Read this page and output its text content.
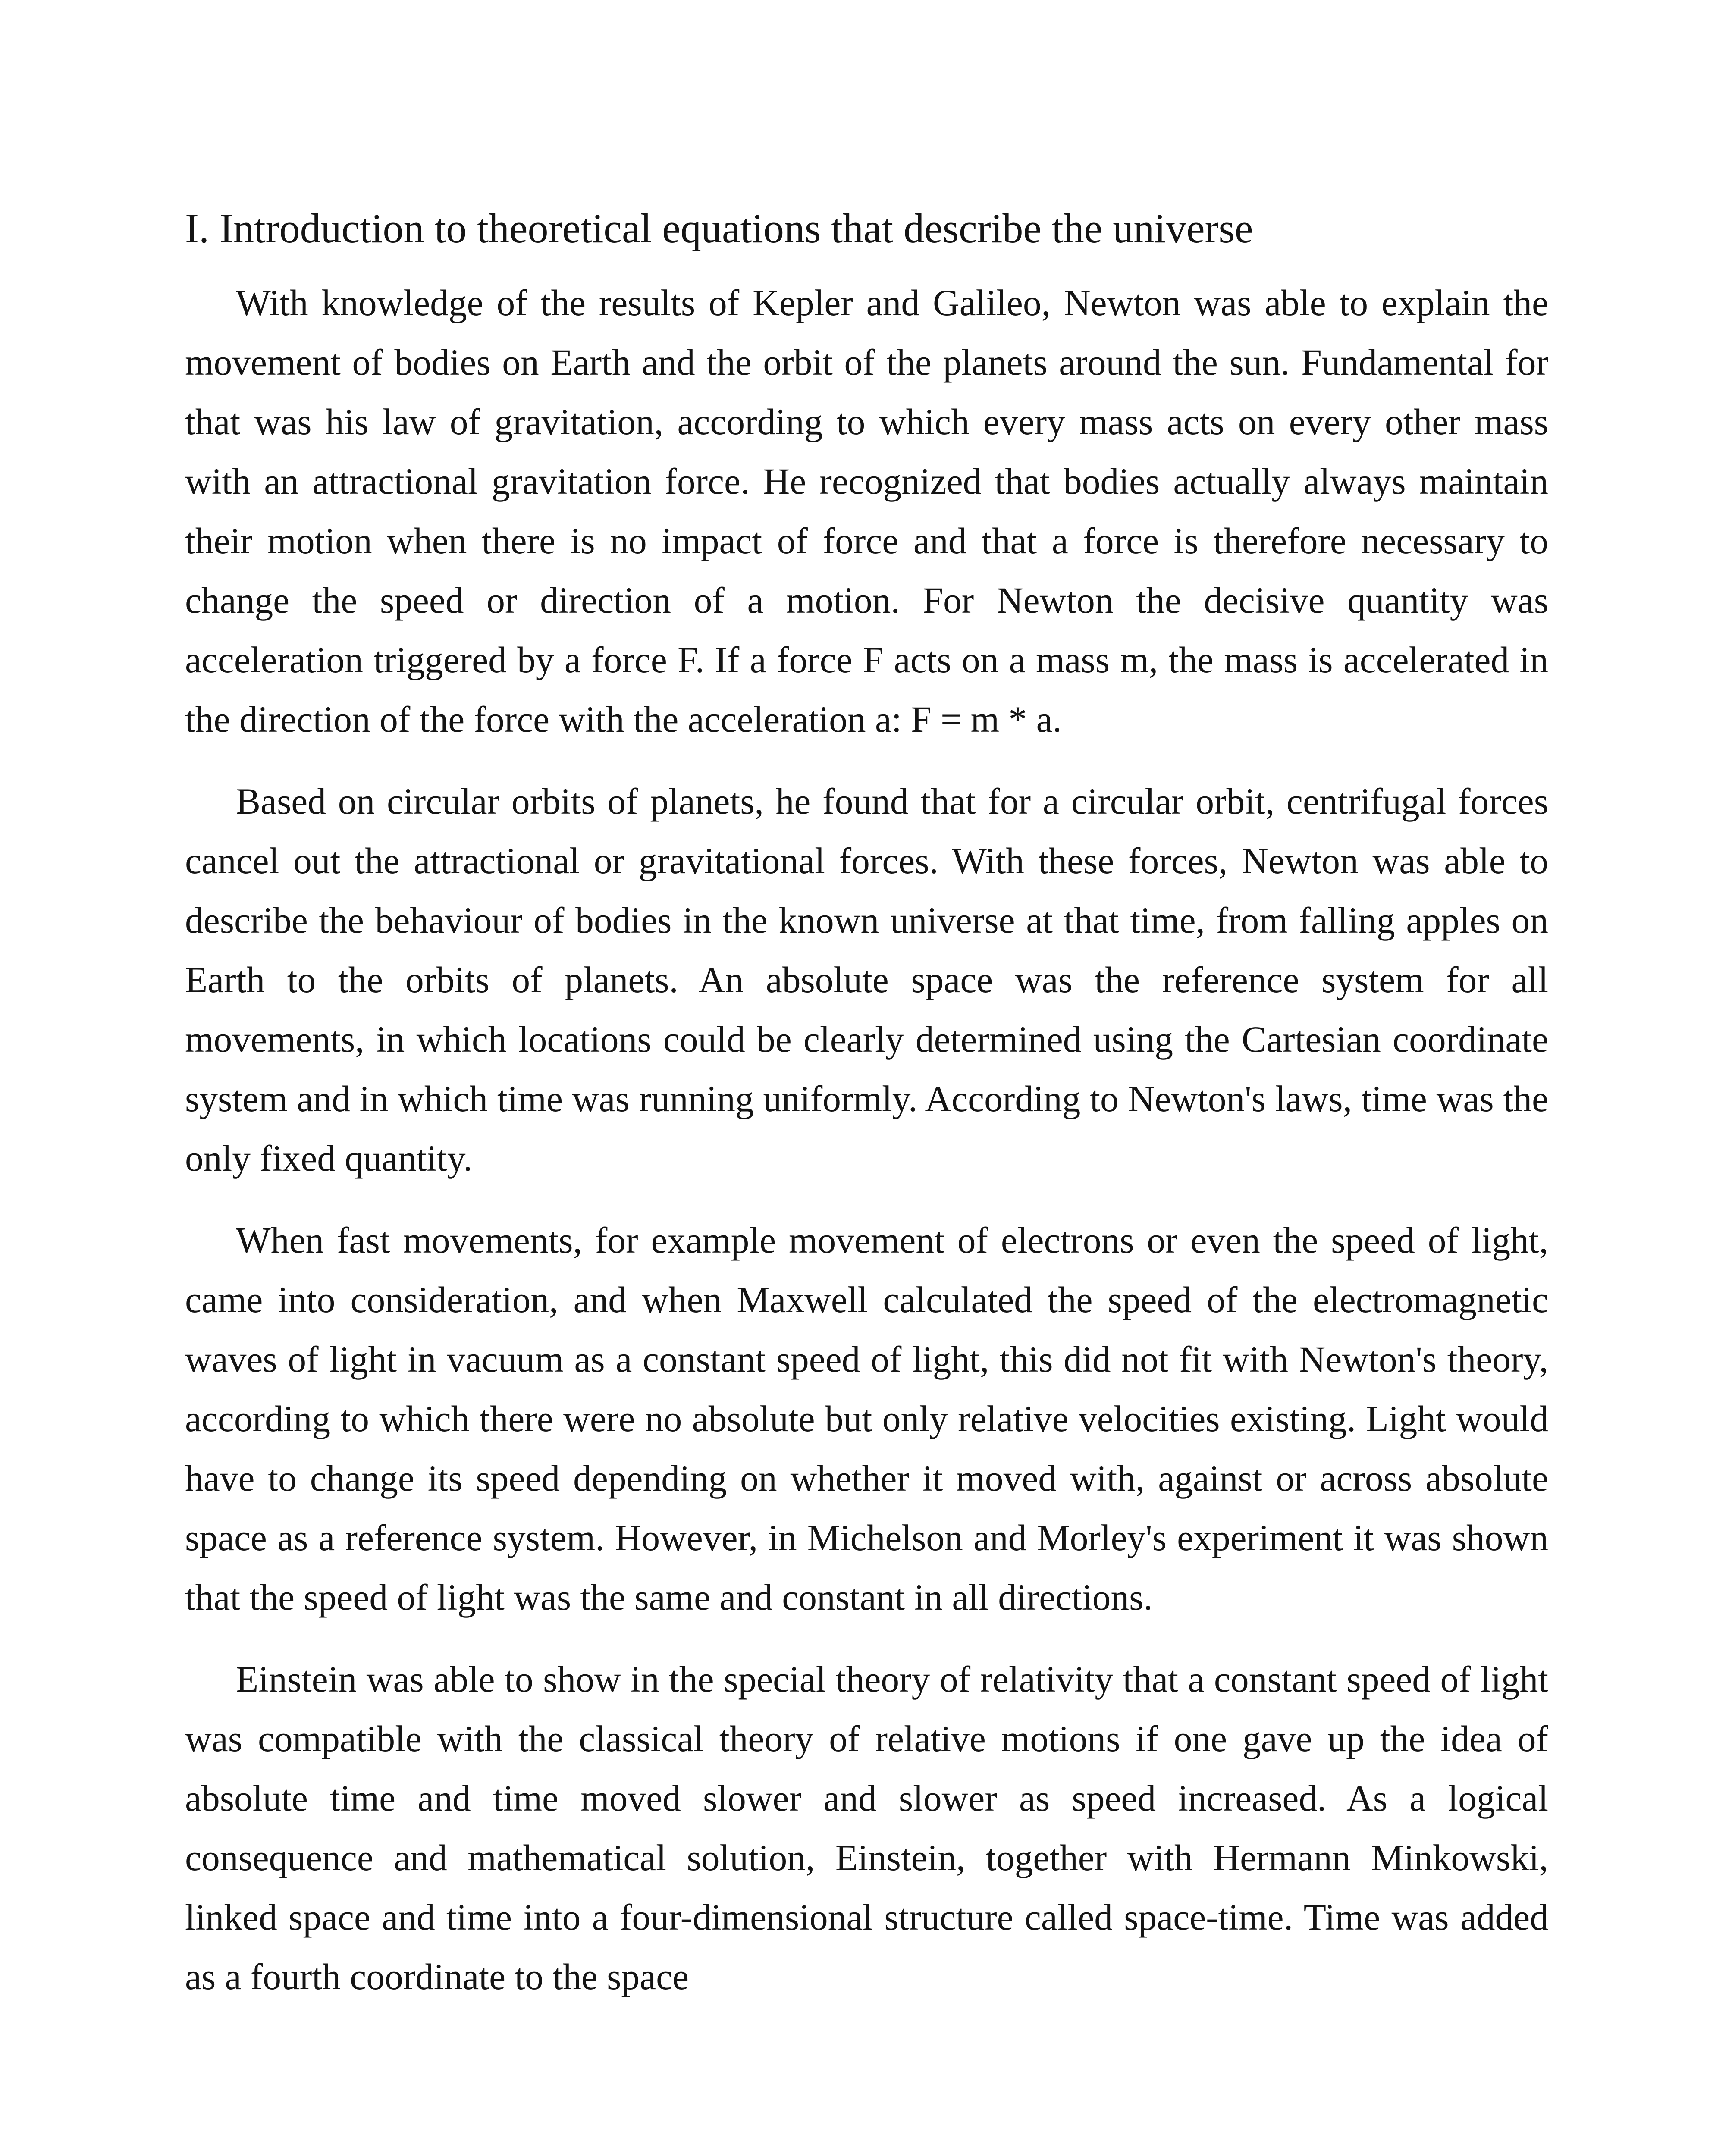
I. Introduction to theoretical equations that describe the universe

With knowledge of the results of Kepler and Galileo, Newton was able to explain the movement of bodies on Earth and the orbit of the planets around the sun. Fundamental for that was his law of gravitation, according to which every mass acts on every other mass with an attractional gravitation force. He recognized that bodies actually always maintain their motion when there is no impact of force and that a force is therefore necessary to change the speed or direction of a motion. For Newton the decisive quantity was acceleration triggered by a force F. If a force F acts on a mass m, the mass is accelerated in the direction of the force with the acceleration a: F = m * a.

Based on circular orbits of planets, he found that for a circular orbit, centrifugal forces cancel out the attractional or gravitational forces. With these forces, Newton was able to describe the behaviour of bodies in the known universe at that time, from falling apples on Earth to the orbits of planets. An absolute space was the reference system for all movements, in which locations could be clearly determined using the Cartesian coordinate system and in which time was running uniformly. According to Newton's laws, time was the only fixed quantity.

When fast movements, for example movement of electrons or even the speed of light, came into consideration, and when Maxwell calculated the speed of the electromagnetic waves of light in vacuum as a constant speed of light, this did not fit with Newton's theory, according to which there were no absolute but only relative velocities existing. Light would have to change its speed depending on whether it moved with, against or across absolute space as a reference system. However, in Michelson and Morley's experiment it was shown that the speed of light was the same and constant in all directions.

Einstein was able to show in the special theory of relativity that a constant speed of light was compatible with the classical theory of relative motions if one gave up the idea of absolute time and time moved slower and slower as speed increased. As a logical consequence and mathematical solution, Einstein, together with Hermann Minkowski, linked space and time into a four-dimensional structure called space-time. Time was added as a fourth coordinate to the space
